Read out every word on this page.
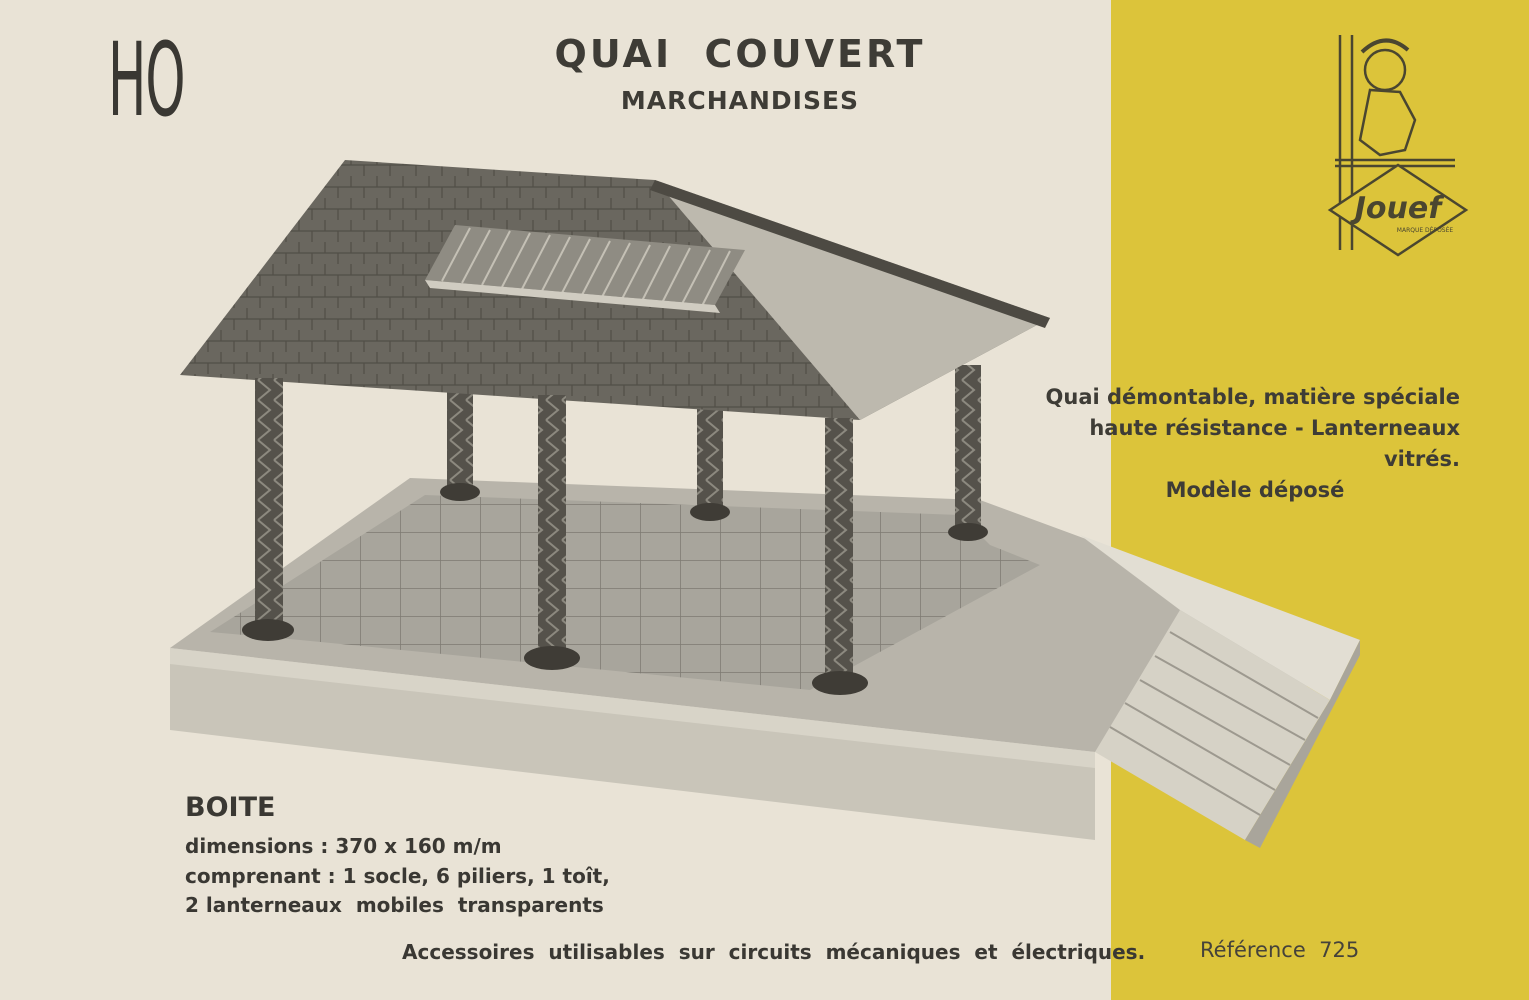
HO	QUAI  COUVERT
MARCHANDISES
Jouef
MARQUE DÉPOSÉE
Quai démontable, matière spéciale
haute résistance - Lanterneaux vitrés.

Modèle déposé
BOITE
dimensions : 370 x 160 m/m
comprenant : 1 socle, 6 piliers, 1 toît,
2 lanterneaux  mobiles  transparents
Accessoires  utilisables  sur  circuits  mécaniques  et  électriques.	Référence  725
